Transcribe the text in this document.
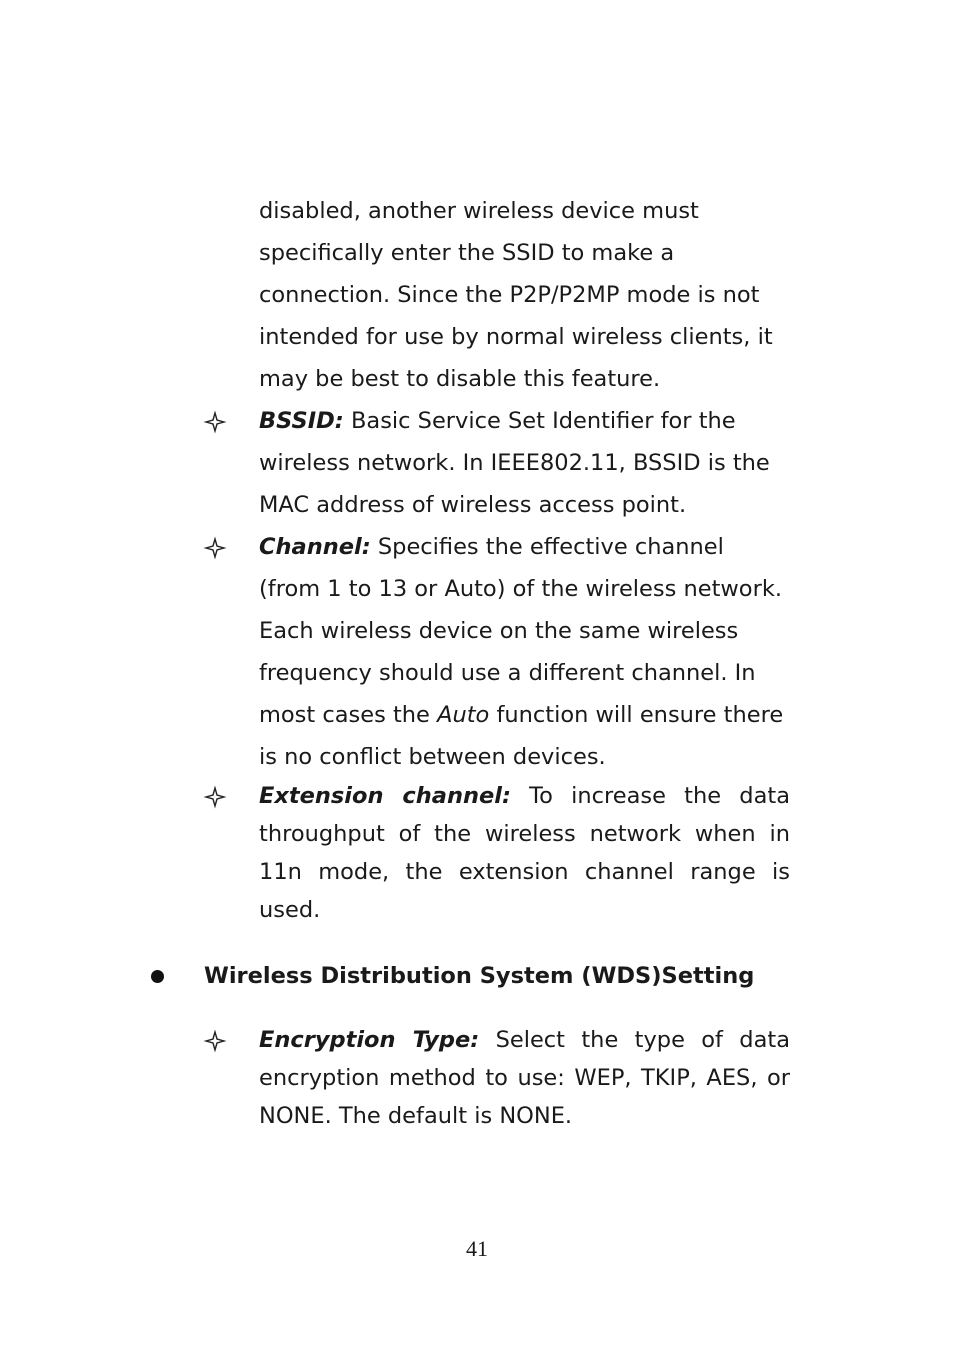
disabled, another wireless device must specifically enter the SSID to make a connection. Since the P2P/P2MP mode is not intended for use by normal wireless clients, it may be best to disable this feature.
BSSID: Basic Service Set Identifier for the wireless network. In IEEE802.11, BSSID is the MAC address of wireless access point.
Channel: Specifies the effective channel (from 1 to 13 or Auto) of the wireless network. Each wireless device on the same wireless frequency should use a different channel. In most cases the Auto function will ensure there is no conflict between devices.
Extension channel: To increase the data throughput of the wireless network when in 11n mode, the extension channel range is used.
Wireless Distribution System (WDS)Setting
Encryption Type: Select the type of data encryption method to use: WEP, TKIP, AES, or NONE. The default is NONE.
41
